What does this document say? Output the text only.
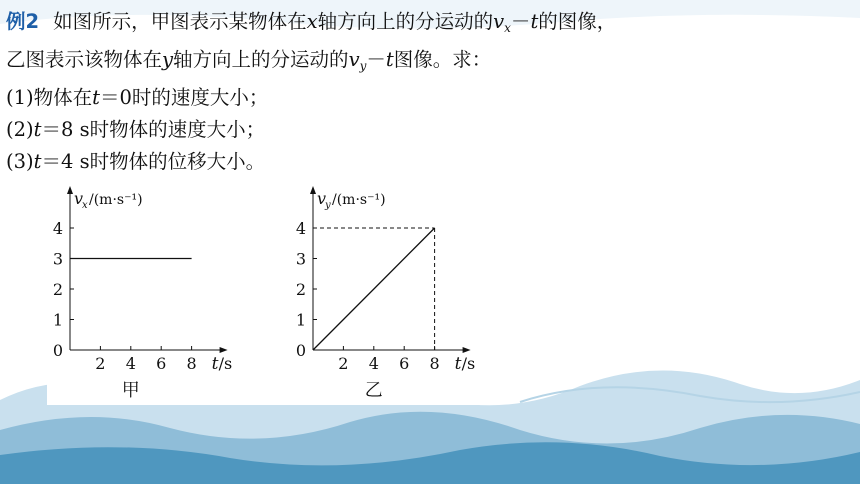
例2 如图所示，甲图表示某物体在x轴方向上的分运动的$v_x-t$的图像，
乙图表示该物体在y轴方向上的分运动的$v_y-t$图像。求：
(1)物体在t＝0时的速度大小；
(2)t＝8 s时物体的速度大小；
(3)t＝4 s时物体的位移大小。
0
1
2
3
4
2 4 6 8 t /s
v
x /(m·s⁻¹)
甲
0
1
2
3
4
2 4 6 8 t /s
v
y /(m·s⁻¹)
乙
